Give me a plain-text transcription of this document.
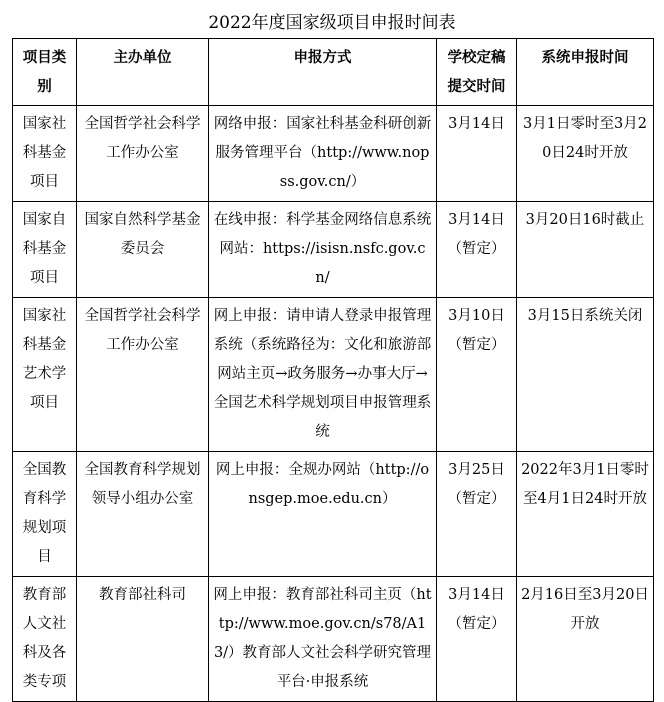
2022年度国家级项目申报时间表
项目类别	主办单位	申报方式	学校定稿提交时间	系统申报时间
国家社科基金项目	全国哲学社会科学工作办公室	网络申报：国家社科基金科研创新服务管理平台（http://www.nopss.gov.cn/）	3月14日	3月1日零时至3月20日24时开放
国家自科基金项目	国家自然科学基金委员会	在线申报：科学基金网络信息系统网站：https://isisn.nsfc.gov.cn/	3月14日（暂定）	3月20日16时截止
国家社科基金艺术学项目	全国哲学社会科学工作办公室	网上申报：请申请人登录申报管理系统（系统路径为：文化和旅游部网站主页→政务服务→办事大厅→全国艺术科学规划项目申报管理系统	3月10日（暂定）	3月15日系统关闭
全国教育科学规划项目	全国教育科学规划领导小组办公室	网上申报：全规办网站（http://onsgep.moe.edu.cn）	3月25日（暂定）	2022年3月1日零时至4月1日24时开放
教育部人文社科及各类专项	教育部社科司	网上申报：教育部社科司主页（http://www.moe.gov.cn/s78/A13/）教育部人文社会科学研究管理平台·申报系统	3月14日（暂定）	2月16日至3月20日开放
